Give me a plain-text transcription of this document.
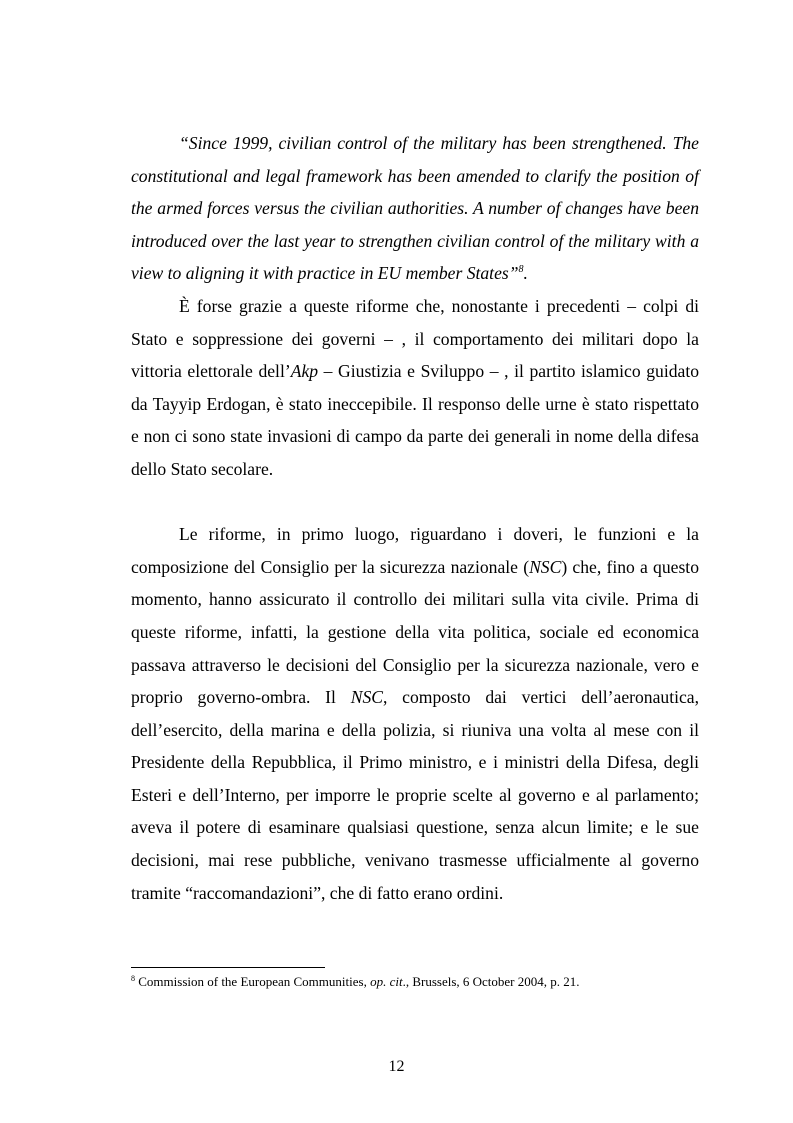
“Since 1999, civilian control of the military has been strengthened. The constitutional and legal framework has been amended to clarify the position of the armed forces versus the civilian authorities. A number of changes have been introduced over the last year to strengthen civilian control of the military with a view to aligning it with practice in EU member States”$^8$.

È forse grazie a queste riforme che, nonostante i precedenti – colpi di Stato e soppressione dei governi – , il comportamento dei militari dopo la vittoria elettorale dell’Akp – Giustizia e Sviluppo – , il partito islamico guidato da Tayyip Erdogan, è stato ineccepibile. Il responso delle urne è stato rispettato e non ci sono state invasioni di campo da parte dei generali in nome della difesa dello Stato secolare.

Le riforme, in primo luogo, riguardano i doveri, le funzioni e la composizione del Consiglio per la sicurezza nazionale (NSC) che, fino a questo momento, hanno assicurato il controllo dei militari sulla vita civile. Prima di queste riforme, infatti, la gestione della vita politica, sociale ed economica passava attraverso le decisioni del Consiglio per la sicurezza nazionale, vero e proprio governo-ombra. Il NSC, composto dai vertici dell’aeronautica, dell’esercito, della marina e della polizia, si riuniva una volta al mese con il Presidente della Repubblica, il Primo ministro, e i ministri della Difesa, degli Esteri e dell’Interno, per imporre le proprie scelte al governo e al parlamento; aveva il potere di esaminare qualsiasi questione, senza alcun limite; e le sue decisioni, mai rese pubbliche, venivano trasmesse ufficialmente al governo tramite “raccomandazioni”, che di fatto erano ordini.

$^8$ Commission of the European Communities, op. cit., Brussels, 6 October 2004, p. 21.

12
